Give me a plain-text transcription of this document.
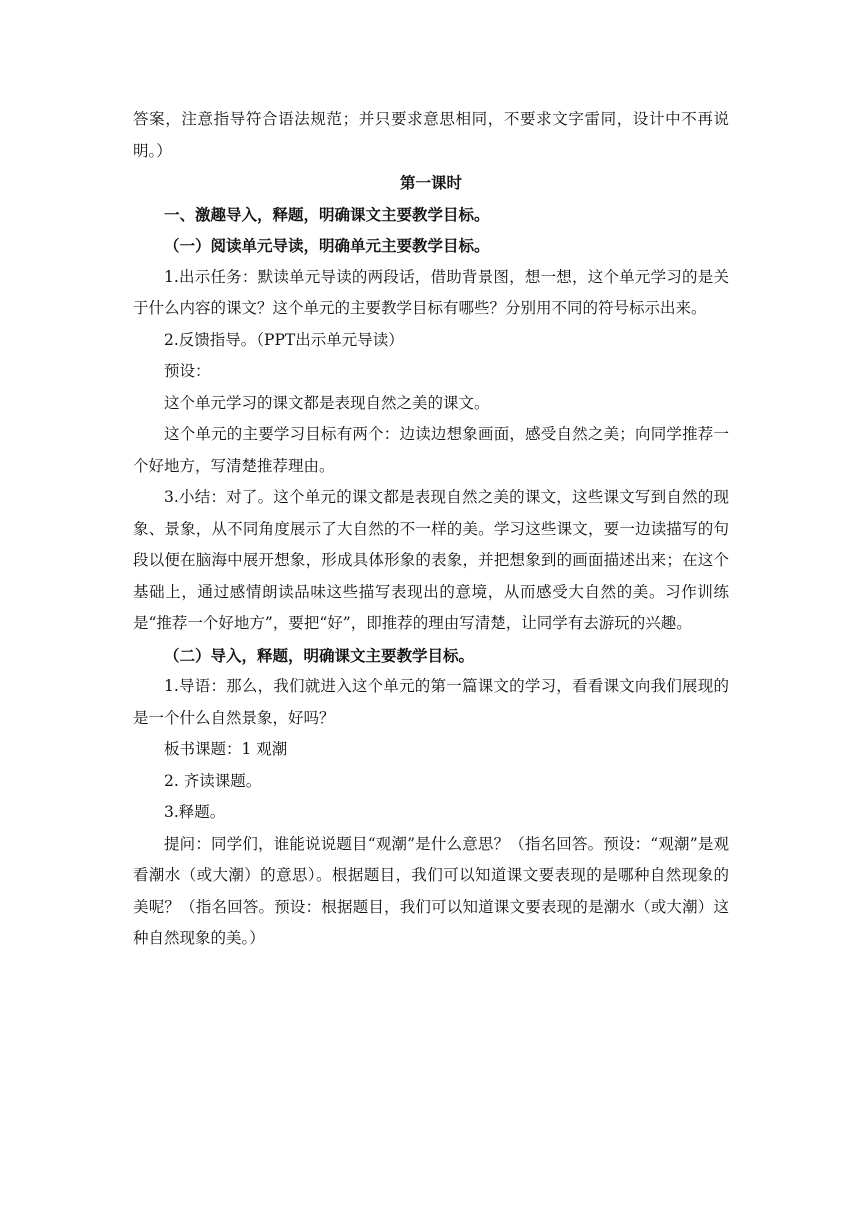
答案，注意指导符合语法规范；并只要求意思相同，不要求文字雷同，设计中不再说明。）

第一课时

一、激趣导入，释题，明确课文主要教学目标。

（一）阅读单元导读，明确单元主要教学目标。

1.出示任务：默读单元导读的两段话，借助背景图，想一想，这个单元学习的是关于什么内容的课文？这个单元的主要教学目标有哪些？分别用不同的符号标示出来。

2.反馈指导。（PPT出示单元导读）

预设：

这个单元学习的课文都是表现自然之美的课文。

这个单元的主要学习目标有两个：边读边想象画面，感受自然之美；向同学推荐一个好地方，写清楚推荐理由。

3.小结：对了。这个单元的课文都是表现自然之美的课文，这些课文写到自然的现象、景象，从不同角度展示了大自然的不一样的美。学习这些课文，要一边读描写的句段以便在脑海中展开想象，形成具体形象的表象，并把想象到的画面描述出来；在这个基础上，通过感情朗读品味这些描写表现出的意境，从而感受大自然的美。习作训练是“推荐一个好地方”，要把“好”，即推荐的理由写清楚，让同学有去游玩的兴趣。

（二）导入，释题，明确课文主要教学目标。

1.导语：那么，我们就进入这个单元的第一篇课文的学习，看看课文向我们展现的是一个什么自然景象，好吗？

板书课题：1 观潮

2. 齐读课题。

3.释题。

提问：同学们，谁能说说题目“观潮”是什么意思？（指名回答。预设：“观潮”是观看潮水（或大潮）的意思）。根据题目，我们可以知道课文要表现的是哪种自然现象的美呢？（指名回答。预设：根据题目，我们可以知道课文要表现的是潮水（或大潮）这种自然现象的美。）
